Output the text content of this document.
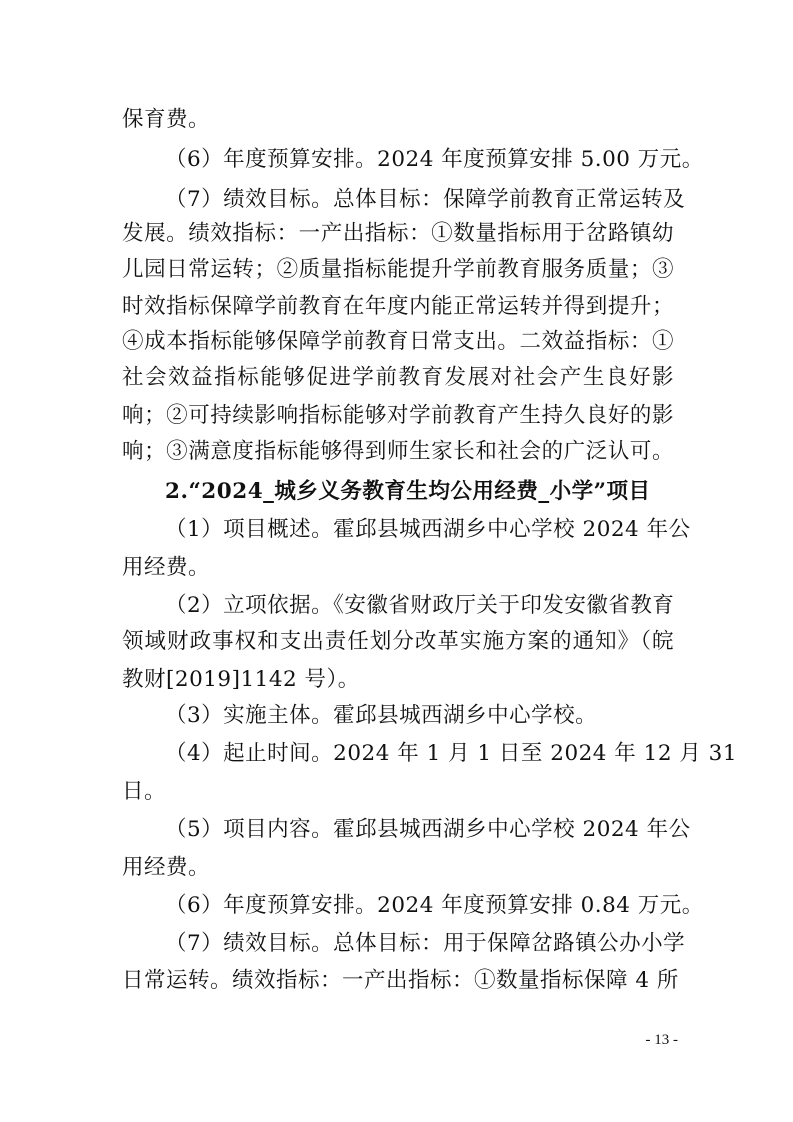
保育费。
（6）年度预算安排。2024 年度预算安排 5.00 万元。
（7）绩效目标。总体目标：保障学前教育正常运转及
发展。绩效指标：一产出指标：①数量指标用于岔路镇幼
儿园日常运转；②质量指标能提升学前教育服务质量；③
时效指标保障学前教育在年度内能正常运转并得到提升；
④成本指标能够保障学前教育日常支出。二效益指标：①
社会效益指标能够促进学前教育发展对社会产生良好影
响；②可持续影响指标能够对学前教育产生持久良好的影
响；③满意度指标能够得到师生家长和社会的广泛认可。
2.“2024_城乡义务教育生均公用经费_小学”项目
（1）项目概述。霍邱县城西湖乡中心学校 2024 年公
用经费。
（2）立项依据。《安徽省财政厅关于印发安徽省教育
领域财政事权和支出责任划分改革实施方案的通知》（皖
教财[2019]1142 号）。
（3）实施主体。霍邱县城西湖乡中心学校。
（4）起止时间。2024 年 1 月 1 日至 2024 年 12 月 31
日。
（5）项目内容。霍邱县城西湖乡中心学校 2024 年公
用经费。
（6）年度预算安排。2024 年度预算安排 0.84 万元。
（7）绩效目标。总体目标：用于保障岔路镇公办小学
日常运转。绩效指标：一产出指标：①数量指标保障 4 所
- 13 -
